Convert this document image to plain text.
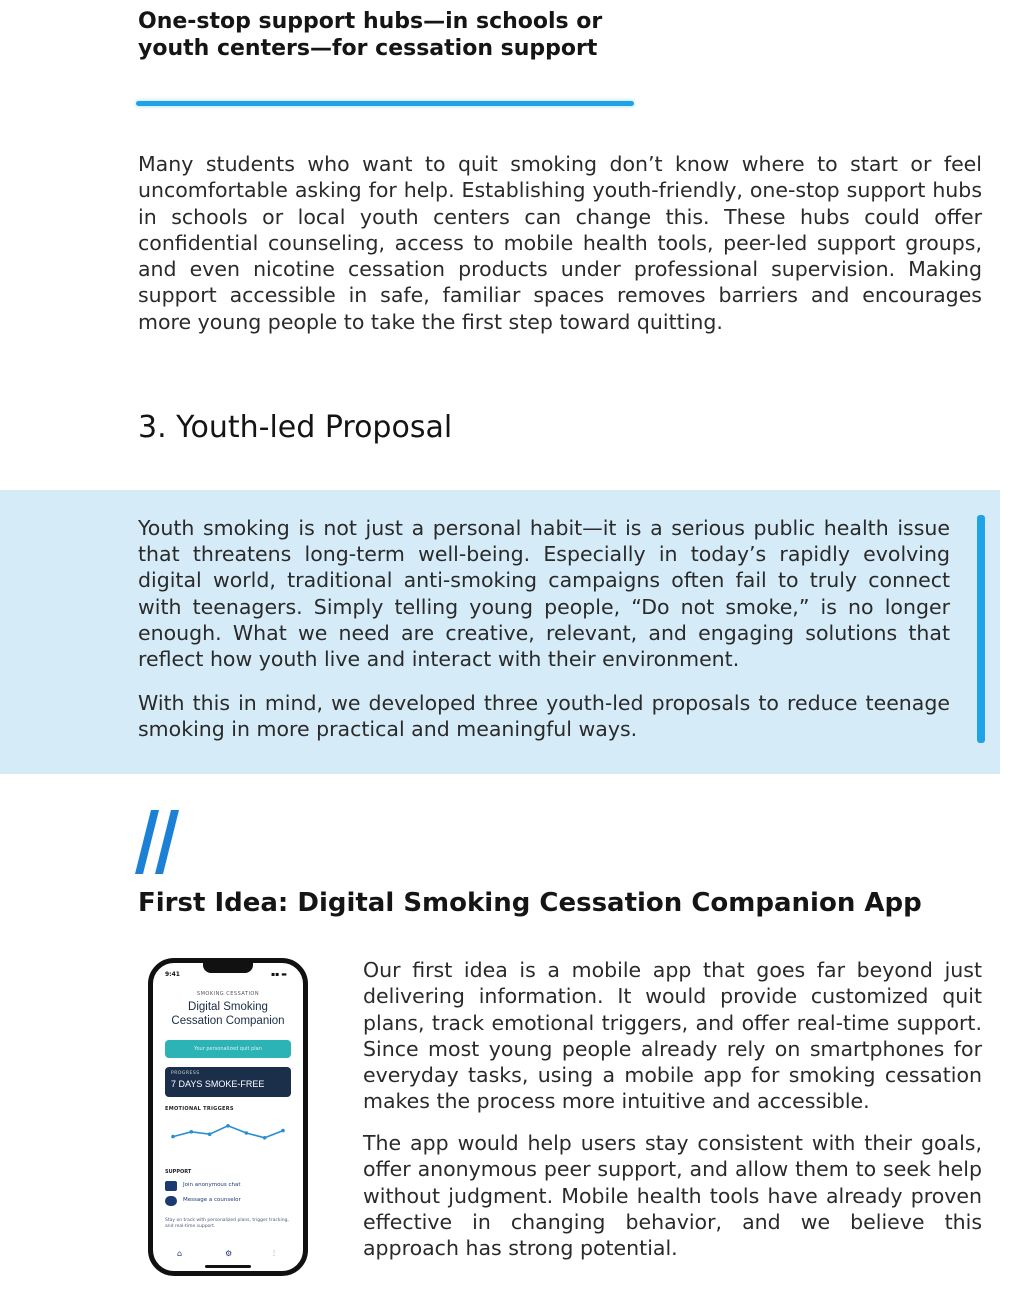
One-stop support hubs—in schools or
youth centers—for cessation support

Many students who want to quit smoking don’t know where to start or feel uncomfortable asking for help. Establishing youth-friendly, one-stop support hubs in schools or local youth centers can change this. These hubs could offer confidential counseling, access to mobile health tools, peer-led support groups, and even nicotine cessation products under professional supervision. Making support accessible in safe, familiar spaces removes barriers and encourages more young people to take the first step toward quitting.

3. Youth-led Proposal

Youth smoking is not just a personal habit—it is a serious public health issue that threatens long-term well-being. Especially in today’s rapidly evolving digital world, traditional anti-smoking campaigns often fail to truly connect with teenagers. Simply telling young people, “Do not smoke,” is no longer enough. What we need are creative, relevant, and engaging solutions that reflect how youth live and interact with their environment.

With this in mind, we developed three youth-led proposals to reduce teenage smoking in more practical and meaningful ways.

First Idea: Digital Smoking Cessation Companion App
9:41	▪▪ ▬
SMOKING CESSATION
Digital Smoking
Cessation Companion
Your personalized quit plan
PROGRESS
7 DAYS SMOKE-FREE
EMOTIONAL TRIGGERS
SUPPORT
Join anonymous chat
Message a counselor
Stay on track with personalized plans, trigger tracking, and real-time support.
⌂	⚙	⫶

Our first idea is a mobile app that goes far beyond just delivering information. It would provide customized quit plans, track emotional triggers, and offer real-time support. Since most young people already rely on smartphones for everyday tasks, using a mobile app for smoking cessation makes the process more intuitive and accessible.

The app would help users stay consistent with their goals, offer anonymous peer support, and allow them to seek help without judgment. Mobile health tools have already proven effective in changing behavior, and we believe this approach has strong potential.
